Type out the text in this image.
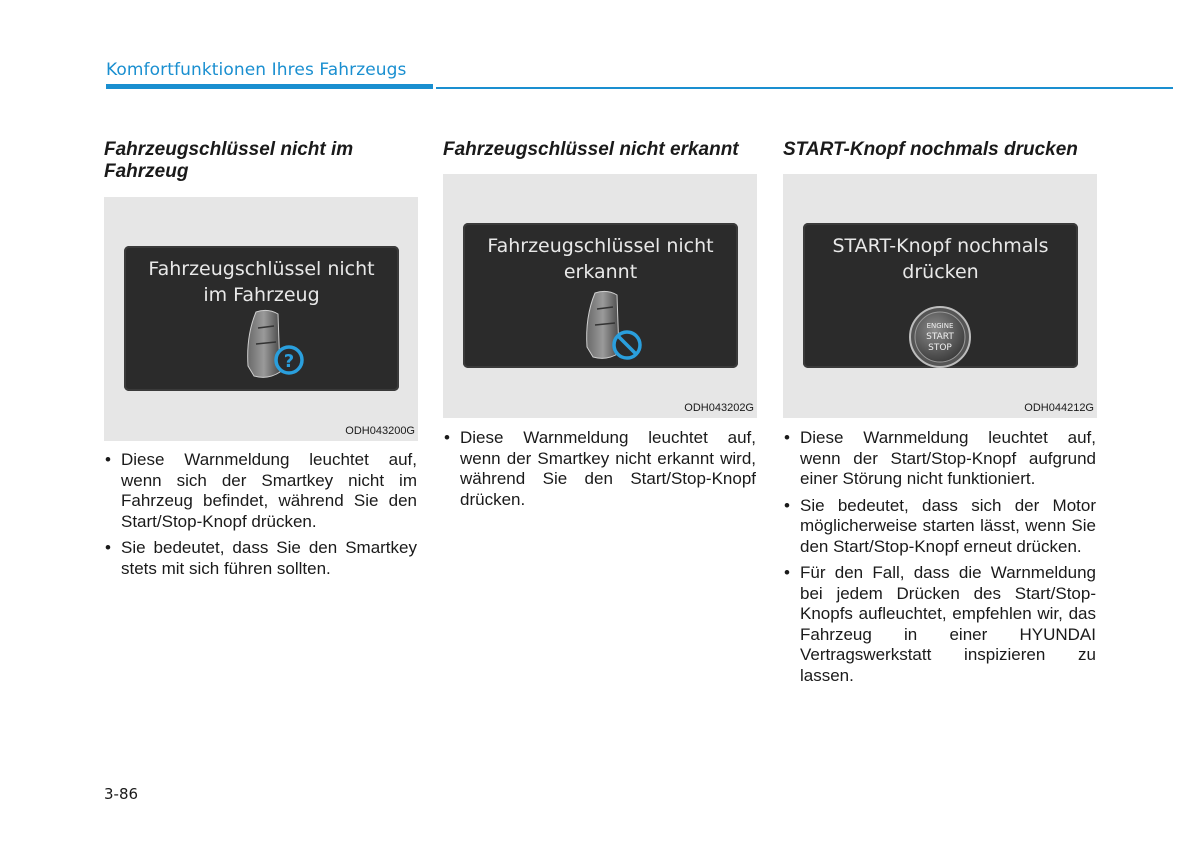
Komfortfunktionen Ihres Fahrzeugs
Fahrzeugschlüssel nicht im Fahrzeug
Fahrzeugschlüssel nicht im Fahrzeug
?
ODH043200G
• Diese Warnmeldung leuchtet auf, wenn sich der Smartkey nicht im Fahrzeug befindet, während Sie den Start/Stop-Knopf drücken.
• Sie bedeutet, dass Sie den Smartkey stets mit sich führen sollten.
Fahrzeugschlüssel nicht erkannt
Fahrzeugschlüssel nicht erkannt
ODH043202G
• Diese Warnmeldung leuchtet auf, wenn der Smartkey nicht erkannt wird, während Sie den Start/Stop-Knopf drücken.
START-Knopf nochmals drucken
START-Knopf nochmals drücken
ENGINE
START
STOP
ODH044212G
• Diese Warnmeldung leuchtet auf, wenn der Start/Stop-Knopf aufgrund einer Störung nicht funktioniert.
• Sie bedeutet, dass sich der Motor möglicherweise starten lässt, wenn Sie den Start/Stop-Knopf erneut drücken.
• Für den Fall, dass die Warnmeldung bei jedem Drücken des Start/Stop-Knopfs aufleuchtet, empfehlen wir, das Fahrzeug in einer HYUNDAI Vertragswerkstatt inspizieren zu lassen.
3-86
